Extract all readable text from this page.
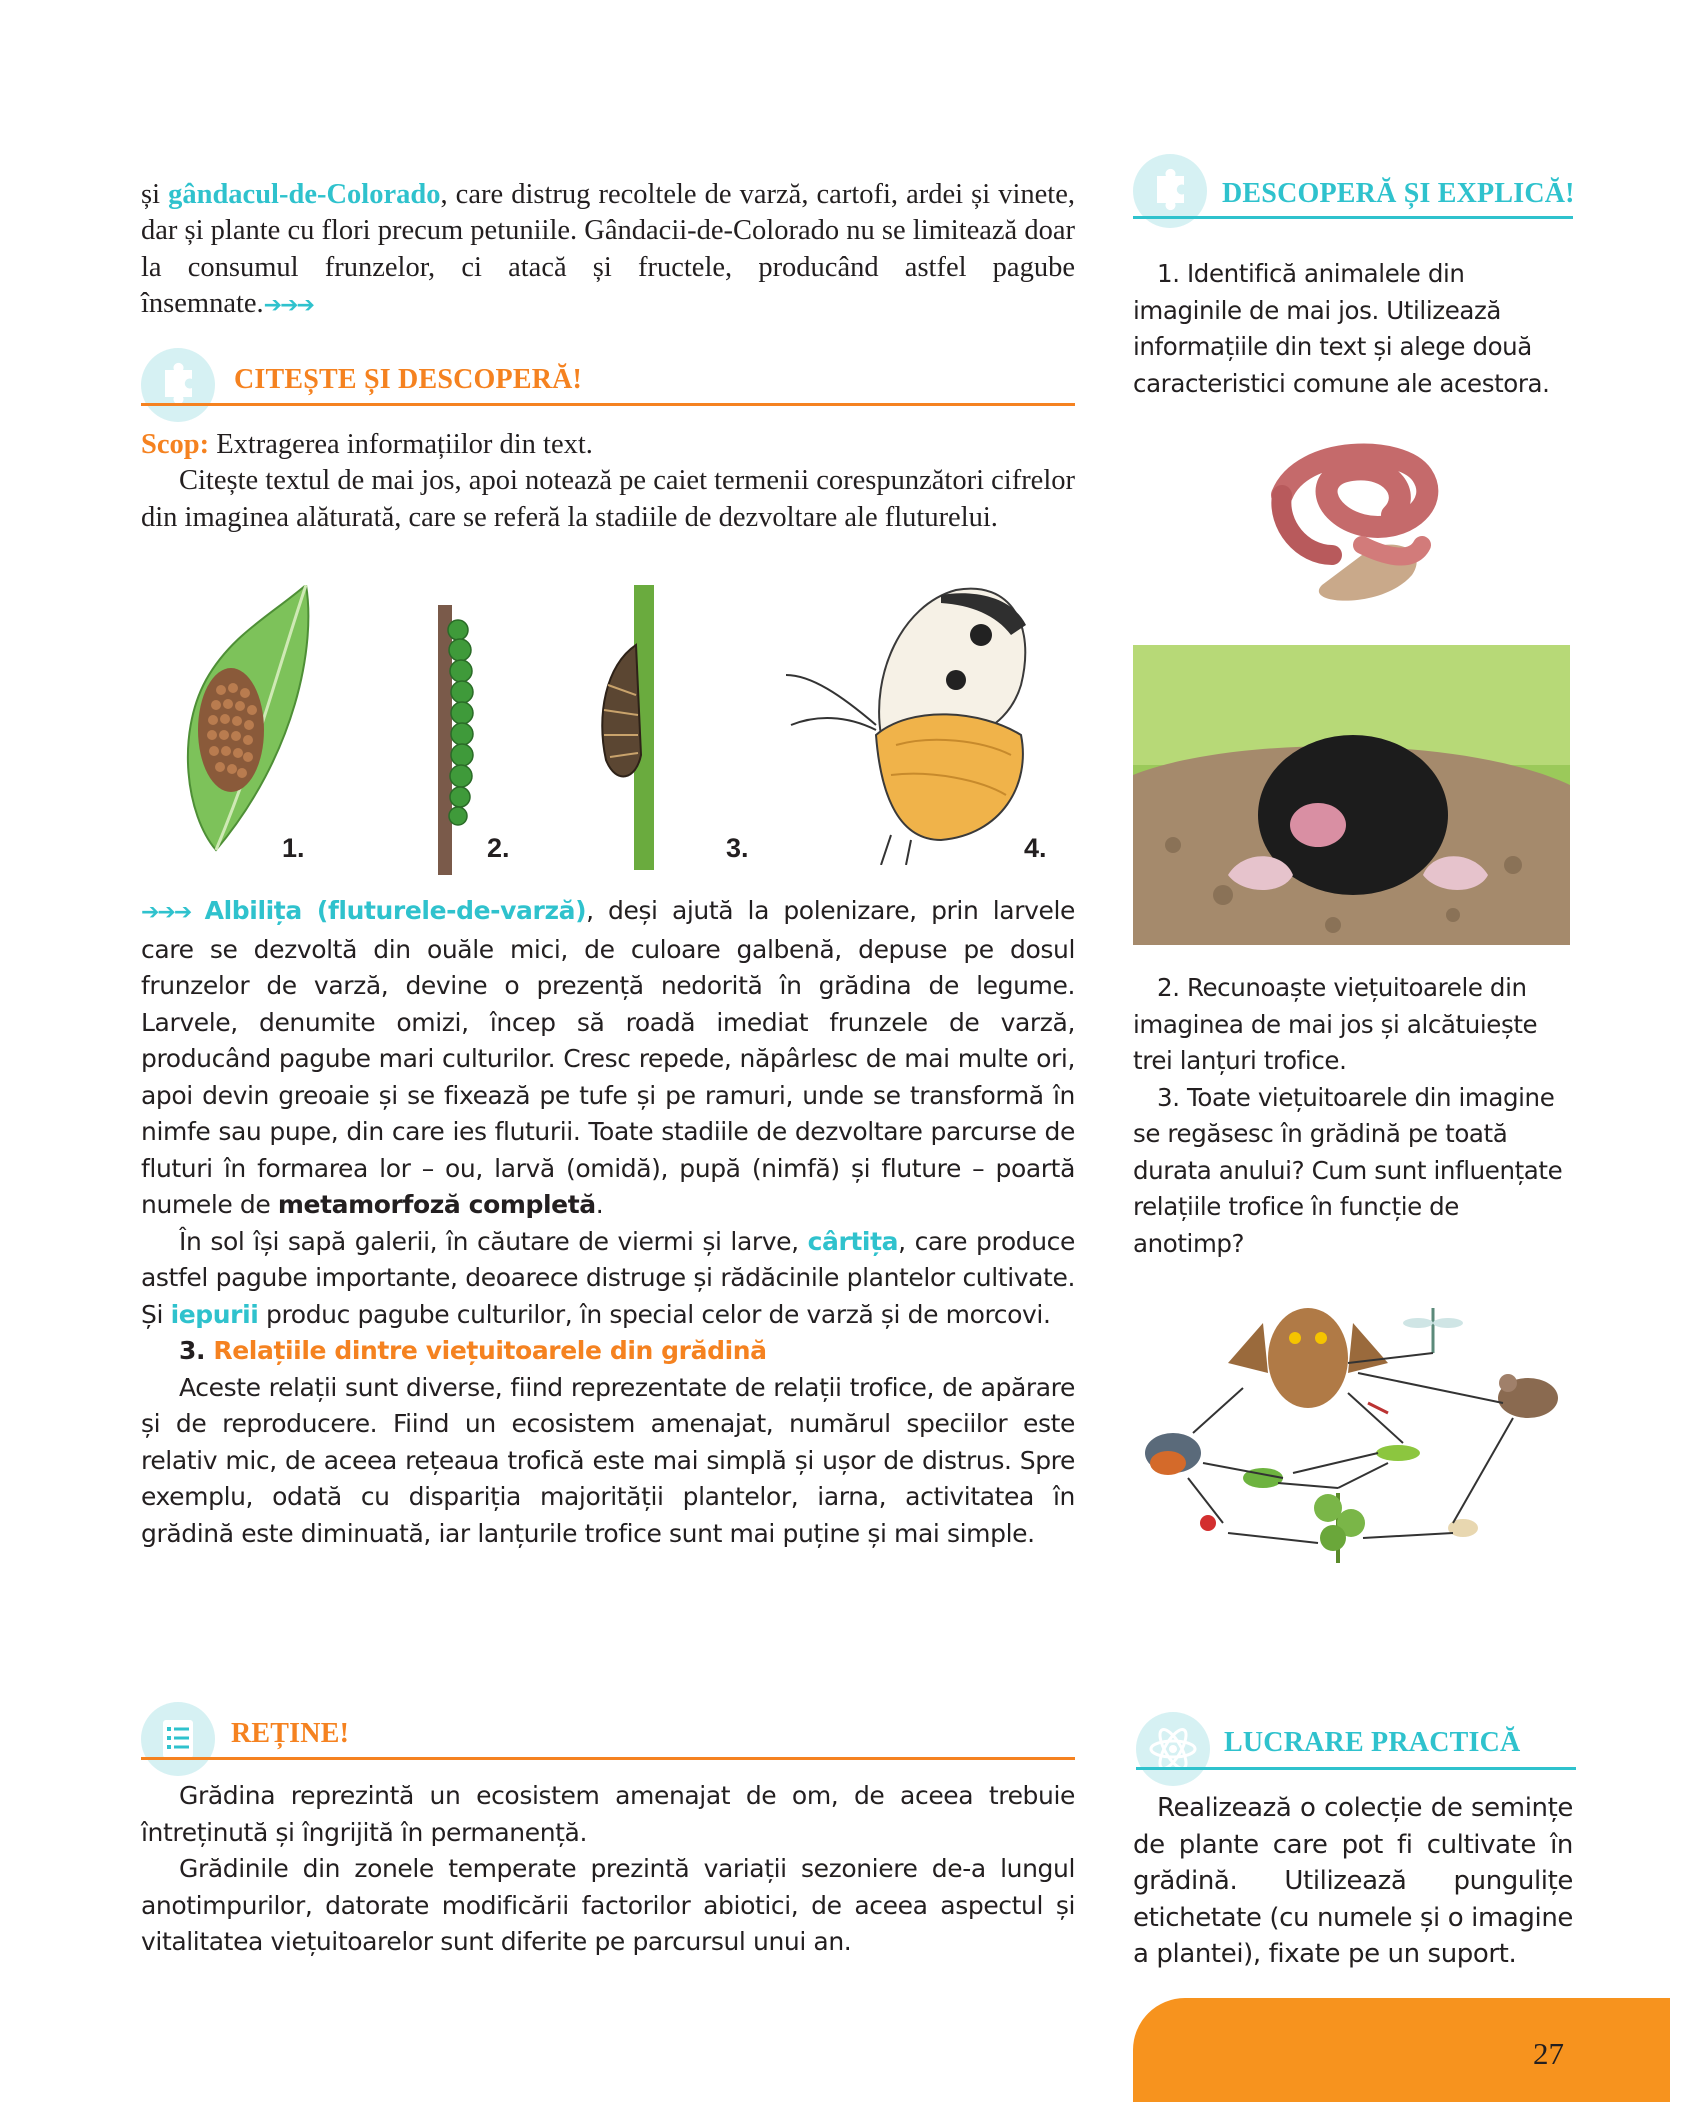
și gândacul-de-Colorado, care distrug recoltele de varză, cartofi, ardei și vinete, dar și plante cu flori precum petuniile. Gândacii-de-Colorado nu se limitează doar la consumul frunzelor, ci atacă și fructele, producând astfel pagube însemnate.➔➔➔

CITEȘTE ȘI DESCOPERĂ!

Scop: Extragerea informațiilor din text.

Citește textul de mai jos, apoi notează pe caiet termenii corespunzători cifrelor din imaginea alăturată, care se referă la stadiile de dezvoltare ale fluturelui.

1.	2.	3.	4.

➔➔➔ Albilița (fluturele-de-varză), deși ajută la polenizare, prin larvele care se dezvoltă din ouăle mici, de culoare galbenă, depuse pe dosul frunzelor de varză, devine o prezență nedorită în grădina de legume. Larvele, denumite omizi, încep să roadă imediat frunzele de varză, producând pagube mari culturilor. Cresc repede, năpârlesc de mai multe ori, apoi devin greoaie și se fixează pe tufe și pe ramuri, unde se transformă în nimfe sau pupe, din care ies fluturii. Toate stadiile de dezvoltare parcurse de fluturi în formarea lor – ou, larvă (omidă), pupă (nimfă) și fluture – poartă numele de metamorfoză completă.

În sol își sapă galerii, în căutare de viermi și larve, cârtița, care produce astfel pagube importante, deoarece distruge și rădăcinile plantelor cultivate. Și iepurii produc pagube culturilor, în special celor de varză și de morcovi.

3. Relațiile dintre viețuitoarele din grădină

Aceste relații sunt diverse, fiind reprezentate de relații trofice, de apărare și de reproducere. Fiind un ecosistem amenajat, numărul speciilor este relativ mic, de aceea rețeaua trofică este mai simplă și ușor de distrus. Spre exemplu, odată cu dispariția majorității plantelor, iarna, activitatea în grădină este diminuată, iar lanțurile trofice sunt mai puține și mai simple.

REȚINE!

Grădina reprezintă un ecosistem amenajat de om, de aceea trebuie întreținută și îngrijită în permanență.

Grădinile din zonele temperate prezintă variații sezoniere de-a lungul anotimpurilor, datorate modificării factorilor abiotici, de aceea aspectul și vitalitatea viețuitoarelor sunt diferite pe parcursul unui an.

DESCOPERĂ ȘI EXPLICĂ!

1. Identifică animalele din imaginile de mai jos. Utilizează informațiile din text și alege două caracteristici comune ale acestora.

2. Recunoaște viețuitoarele din imaginea de mai jos și alcătuiește trei lanțuri trofice.

3. Toate viețuitoarele din imagine se regăsesc în grădină pe toată durata anului? Cum sunt influențate relațiile trofice în funcție de anotimp?

LUCRARE PRACTICĂ

Realizează o colecție de semințe de plante care pot fi cultivate în grădină. Utilizează pungulițe etichetate (cu numele și o imagine a plantei), fixate pe un suport.

27
